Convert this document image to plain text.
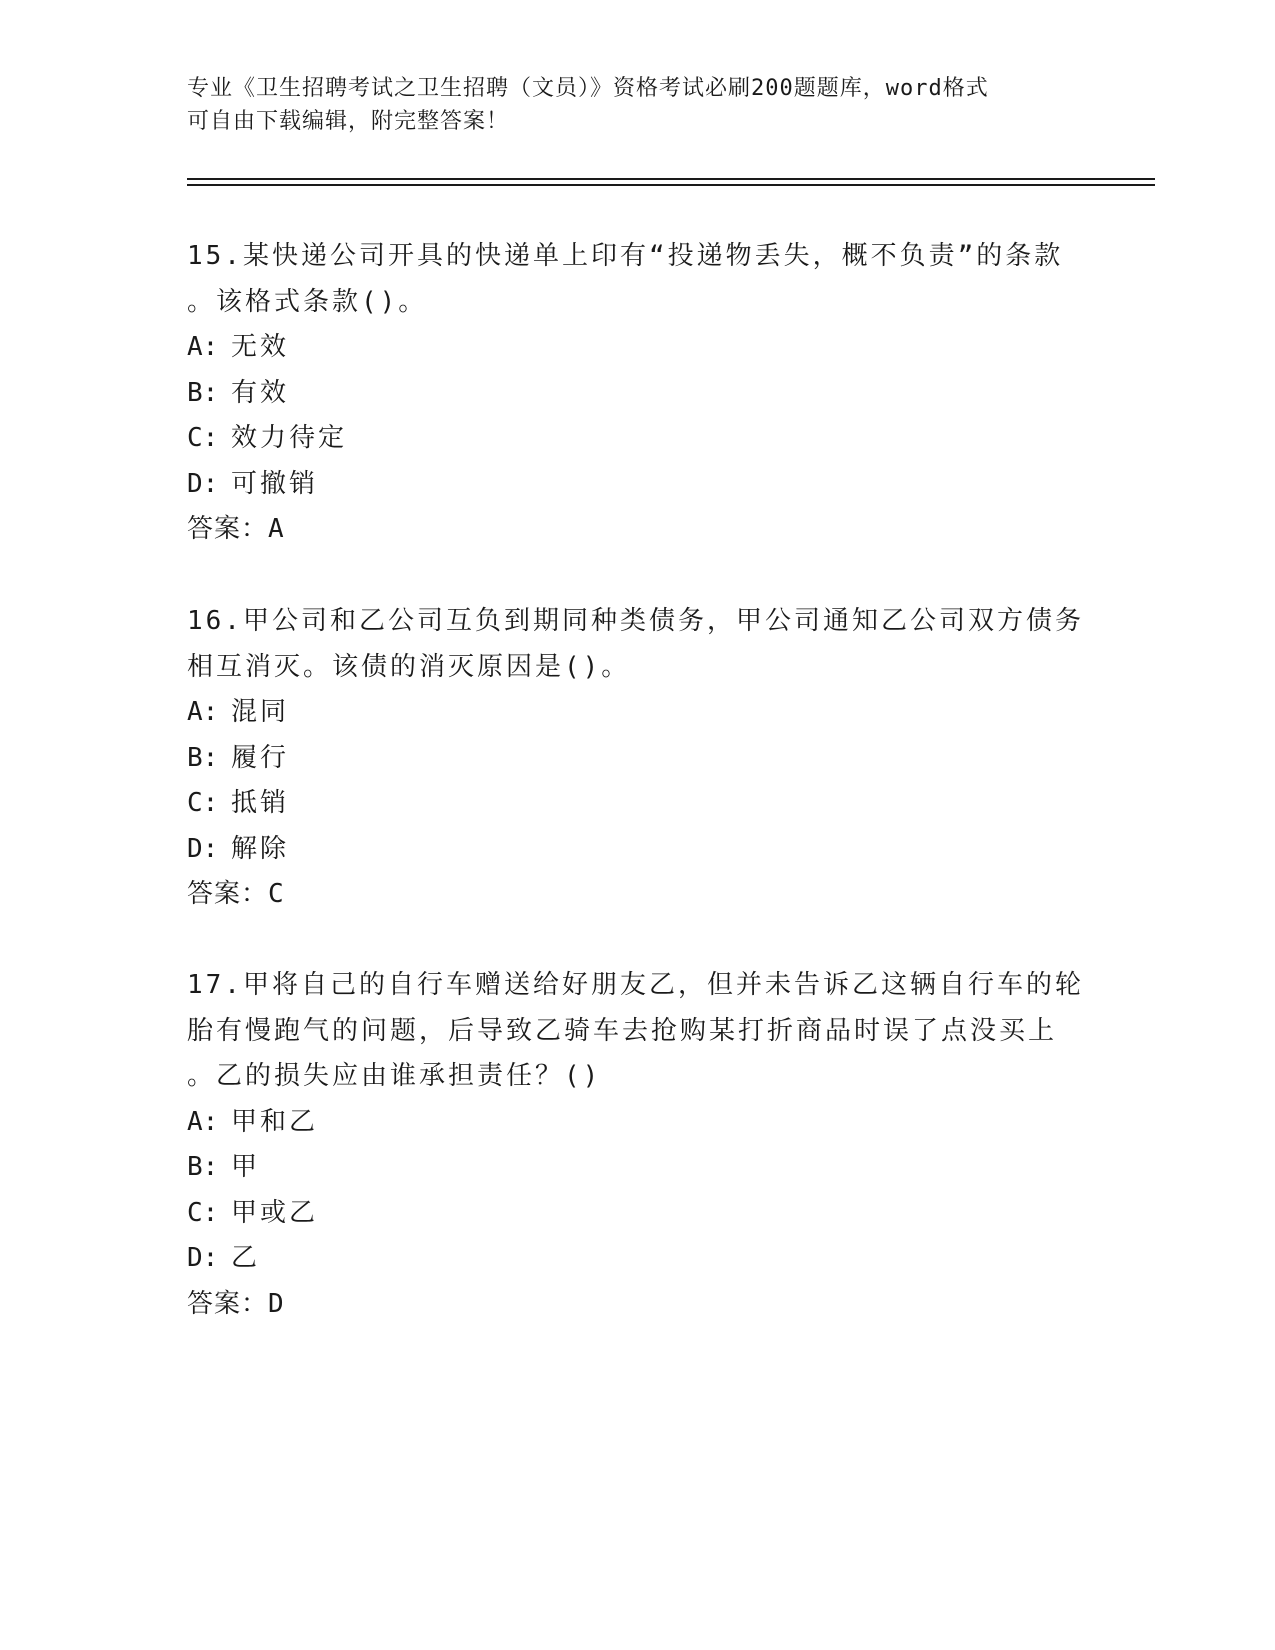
专业《卫生招聘考试之卫生招聘（文员）》资格考试必刷200题题库，word格式
可自由下载编辑，附完整答案！
15.某快递公司开具的快递单上印有“投递物丢失，概不负责”的条款
。该格式条款()。
A: 无效
B: 有效
C: 效力待定
D: 可撤销
答案：A
16.甲公司和乙公司互负到期同种类债务，甲公司通知乙公司双方债务
相互消灭。该债的消灭原因是()。
A: 混同
B: 履行
C: 抵销
D: 解除
答案：C
17.甲将自己的自行车赠送给好朋友乙，但并未告诉乙这辆自行车的轮
胎有慢跑气的问题，后导致乙骑车去抢购某打折商品时误了点没买上
。乙的损失应由谁承担责任？()
A: 甲和乙
B: 甲
C: 甲或乙
D: 乙
答案：D
